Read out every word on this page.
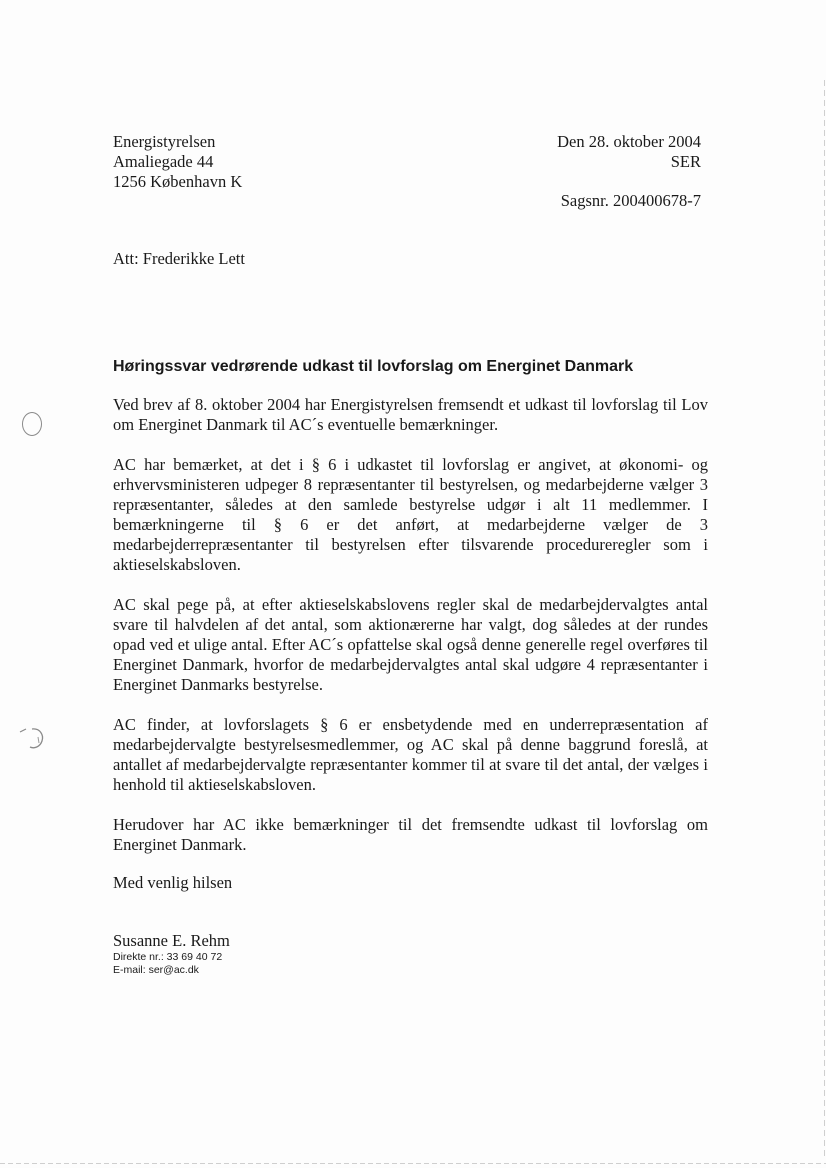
Energistyrelsen
Amaliegade 44
1256 København K
Den 28. oktober 2004
SER
Sagsnr. 200400678-7
Att: Frederikke Lett
Høringssvar vedrørende udkast til lovforslag om Energinet Danmark

Ved brev af 8. oktober 2004 har Energistyrelsen fremsendt et udkast til lovforslag til Lov om Energinet Danmark til AC´s eventuelle bemærkninger.

AC har bemærket, at det i § 6 i udkastet til lovforslag er angivet, at økonomi- og erhvervsministeren udpeger 8 repræsentanter til bestyrelsen, og medarbejderne vælger 3 repræsentanter, således at den samlede bestyrelse udgør i alt 11 medlemmer. I bemærkningerne til § 6 er det anført, at medarbejderne vælger de 3 medarbejderrepræsentanter til bestyrelsen efter tilsvarende procedureregler som i aktieselskabsloven.

AC skal pege på, at efter aktieselskabslovens regler skal de medarbejdervalgtes antal svare til halvdelen af det antal, som aktionærerne har valgt, dog således at der rundes opad ved et ulige antal. Efter AC´s opfattelse skal også denne generelle regel overføres til Energinet Danmark, hvorfor de medarbejdervalgtes antal skal udgøre 4 repræsentanter i Energinet Danmarks bestyrelse.

AC finder, at lovforslagets § 6 er ensbetydende med en underrepræsentation af medarbejdervalgte bestyrelsesmedlemmer, og AC skal på denne baggrund foreslå, at antallet af medarbejdervalgte repræsentanter kommer til at svare til det antal, der vælges i henhold til aktieselskabsloven.

Herudover har AC ikke bemærkninger til det fremsendte udkast til lovforslag om Energinet Danmark.

Med venlig hilsen
Susanne E. Rehm
Direkte nr.: 33 69 40 72
E-mail: ser@ac.dk
